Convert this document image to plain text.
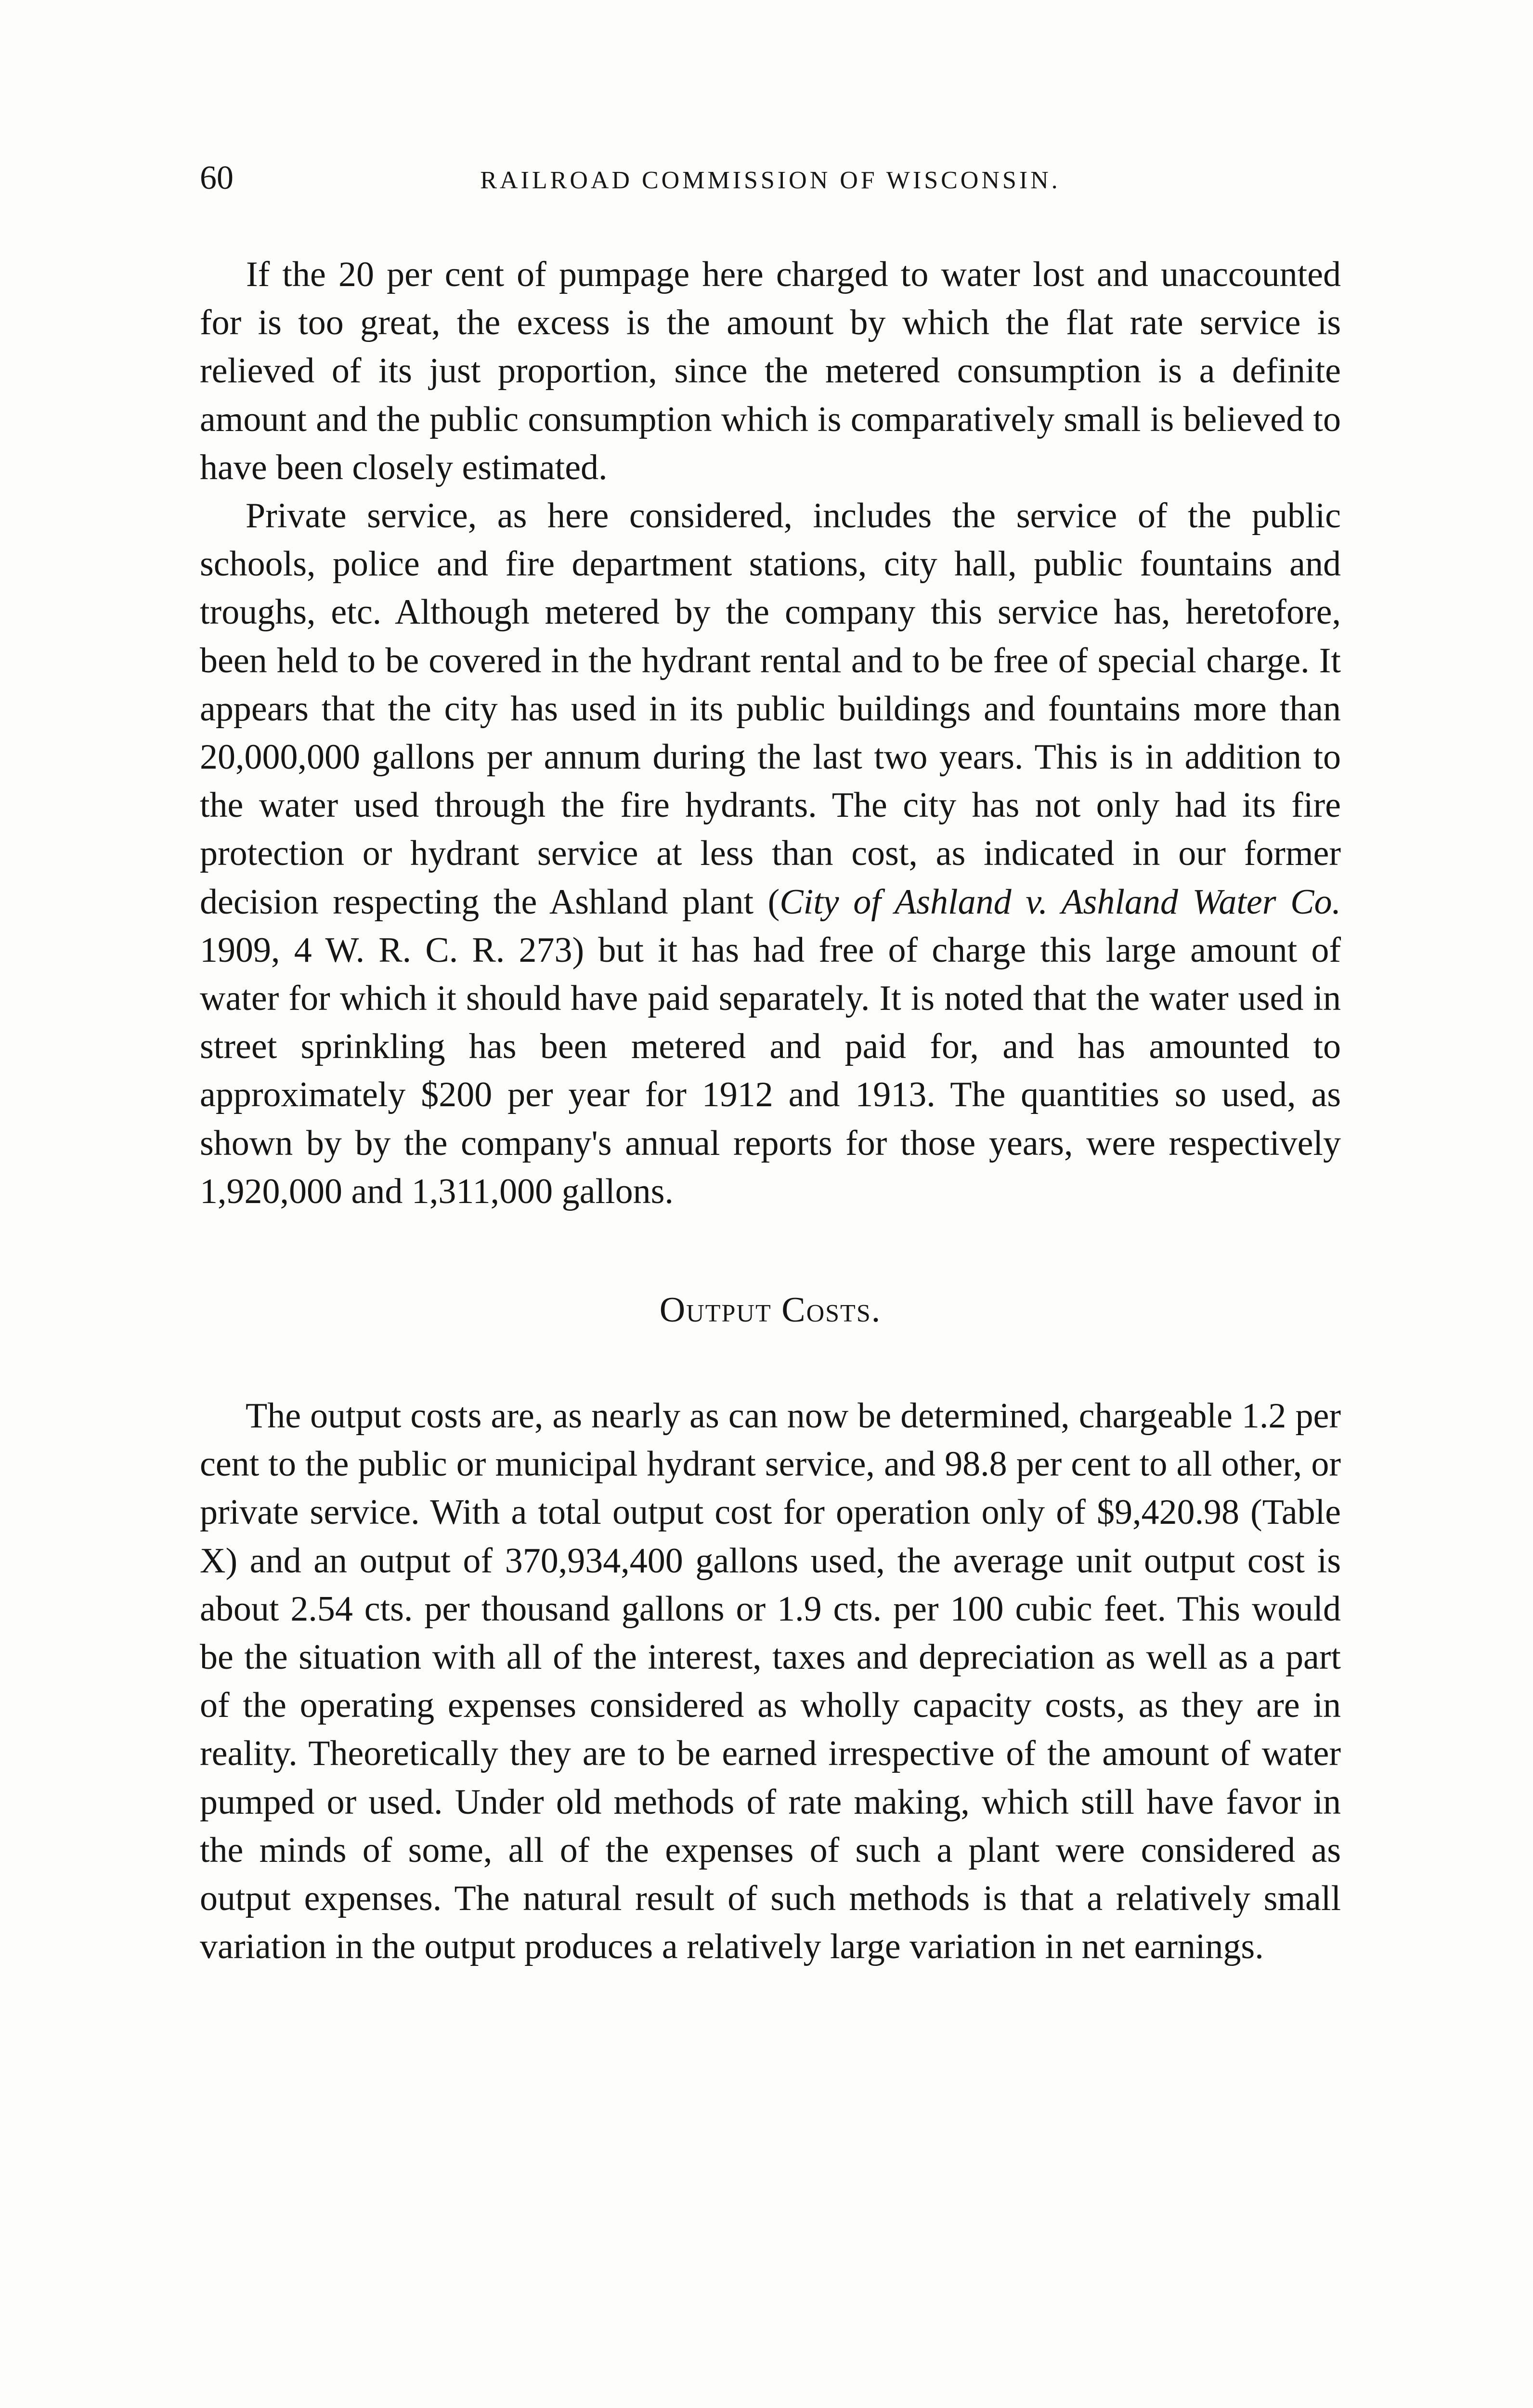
60	RAILROAD COMMISSION OF WISCONSIN.

If the 20 per cent of pumpage here charged to water lost and unaccounted for is too great, the excess is the amount by which the flat rate service is relieved of its just proportion, since the metered consumption is a definite amount and the public consumption which is comparatively small is believed to have been closely estimated.

Private service, as here considered, includes the service of the public schools, police and fire department stations, city hall, public fountains and troughs, etc. Although metered by the company this service has, heretofore, been held to be covered in the hydrant rental and to be free of special charge. It appears that the city has used in its public buildings and fountains more than 20,000,000 gallons per annum during the last two years. This is in addition to the water used through the fire hydrants. The city has not only had its fire protection or hydrant service at less than cost, as indicated in our former decision respecting the Ashland plant (City of Ashland v. Ashland Water Co. 1909, 4 W. R. C. R. 273) but it has had free of charge this large amount of water for which it should have paid separately. It is noted that the water used in street sprinkling has been metered and paid for, and has amounted to approximately $200 per year for 1912 and 1913. The quantities so used, as shown by by the company's annual reports for those years, were respectively 1,920,000 and 1,311,000 gallons.

Output Costs.

The output costs are, as nearly as can now be determined, chargeable 1.2 per cent to the public or municipal hydrant service, and 98.8 per cent to all other, or private service. With a total output cost for operation only of $9,420.98 (Table X) and an output of 370,934,400 gallons used, the average unit output cost is about 2.54 cts. per thousand gallons or 1.9 cts. per 100 cubic feet. This would be the situation with all of the interest, taxes and depreciation as well as a part of the operating expenses considered as wholly capacity costs, as they are in reality. Theoretically they are to be earned irrespective of the amount of water pumped or used. Under old methods of rate making, which still have favor in the minds of some, all of the expenses of such a plant were considered as output expenses. The natural result of such methods is that a relatively small variation in the output produces a relatively large variation in net earnings.
